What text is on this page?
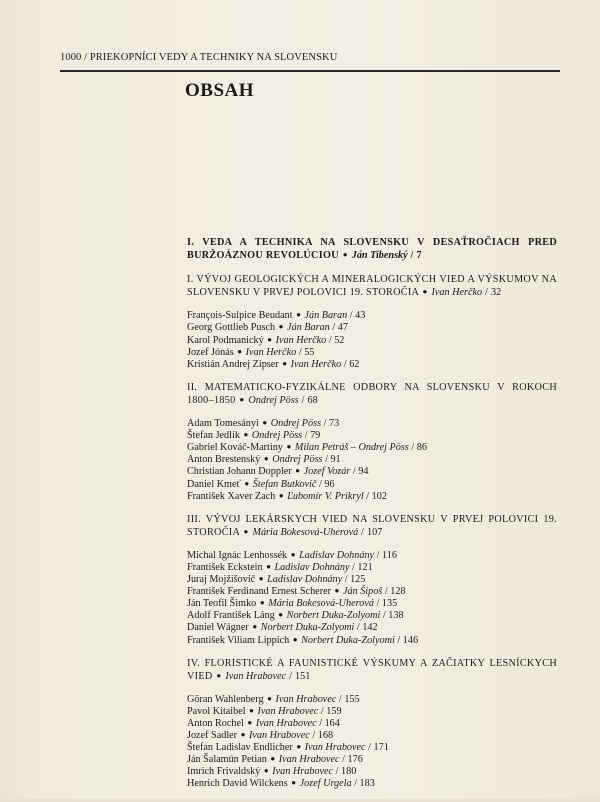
1000 / PRIEKOPNÍCI VEDY A TECHNIKY NA SLOVENSKU
OBSAH
I. VEDA A TECHNIKA NA SLOVENSKU V DESAŤROČIACH PRED BURŽOÁZNOU REVOLÚCIOU ● Ján Tibenský / 7
I. VÝVOJ GEOLOGICKÝCH A MINERALOGICKÝCH VIED A VÝSKUMOV NA SLOVENSKU V PRVEJ POLOVICI 19. STOROČIA ● Ivan Herčko / 32
François-Sulpice Beudant ● Ján Baran / 43
Georg Gottlieb Pusch ● Ján Baran / 47
Karol Podmanický ● Ivan Herčko / 52
Jozef Jónás ● Ivan Herčko / 55
Kristián Andrej Zipser ● Ivan Herčko / 62
II. MATEMATICKO-FYZIKÁLNE ODBORY NA SLOVENSKU V ROKOCH 1800–1850 ● Ondrej Pöss / 68
Adam Tomesányi ● Ondrej Pöss / 73
Štefan Jedlík ● Ondrej Pöss / 79
Gabriel Kováč-Martiny ● Milan Petráš – Ondrej Pöss / 86
Anton Brestenský ● Ondrej Pöss / 91
Christian Johann Doppler ● Jozef Vozár / 94
Daniel Kmeť ● Štefan Butkovič / 96
František Xaver Zach ● Ľubomír V. Prikryl / 102
III. VÝVOJ LEKÁRSKYCH VIED NA SLOVENSKU V PRVEJ POLOVICI 19. STOROČIA ● Mária Bokesová-Uherová / 107
Michal Ignác Lenhossék ● Ladislav Dohnány / 116
František Eckstein ● Ladislav Dohnány / 121
Juraj Mojžišovič ● Ladislav Dohnány / 125
František Ferdinand Ernest Scherer ● Ján Šipoš / 128
Ján Teofil Šimko ● Mária Bokesová-Uherová / 135
Adolf František Láng ● Norbert Duka-Zolyomi / 138
Daniel Wágner ● Norbert Duka-Zolyomi / 142
František Viliam Lippich ● Norbert Duka-Zolyomi / 146
IV. FLORISTICKÉ A FAUNISTICKÉ VÝSKUMY A ZAČIATKY LESNÍCKYCH VIED ● Ivan Hrabovec / 151
Göran Wahlenberg ● Ivan Hrabovec / 155
Pavol Kitaibel ● Ivan Hrabovec / 159
Anton Rochel ● Ivan Hrabovec / 164
Jozef Sadler ● Ivan Hrabovec / 168
Štefan Ladislav Endlicher ● Ivan Hrabovec / 171
Ján Šalamún Petian ● Ivan Hrabovec / 176
Imrich Frivaldský ● Ivan Hrabovec / 180
Henrich David Wilckens ● Jozef Urgela / 183
